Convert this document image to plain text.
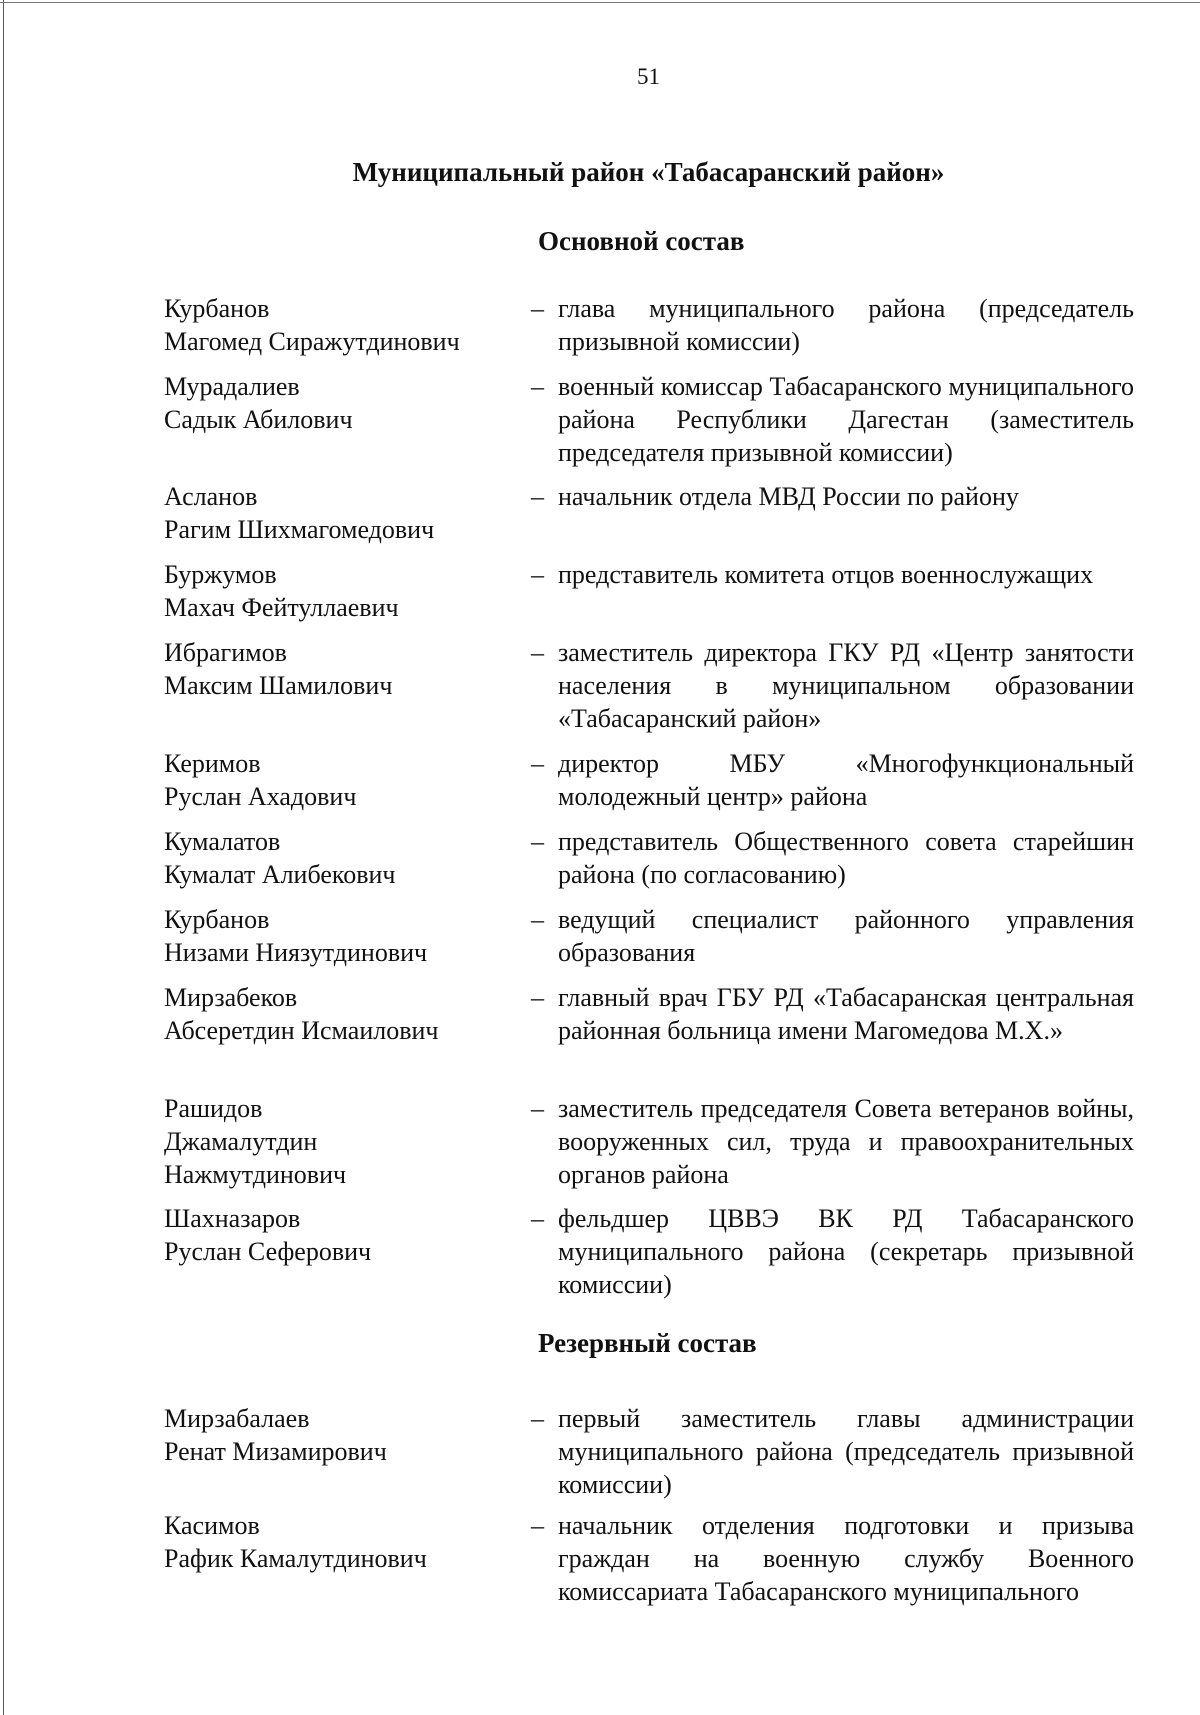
51
Муниципальный район «Табасаранский район»
Основной состав
Курбанов
Магомед Сиражутдинович
– глава муниципального района (председатель призывной комиссии)
Мурадалиев
Садык Абилович
– военный комиссар Табасаранского муниципального района Республики Дагестан (заместитель председателя призывной комиссии)
Асланов
Рагим Шихмагомедович
– начальник отдела МВД России по району
Буржумов
Махач Фейтуллаевич
– представитель комитета отцов военнослужащих
Ибрагимов
Максим Шамилович
– заместитель директора ГКУ РД «Центр занятости населения в муниципальном образовании «Табасаранский район»
Керимов
Руслан Ахадович
– директор МБУ «Многофункциональный молодежный центр» района
Кумалатов
Кумалат Алибекович
– представитель Общественного совета старейшин района (по согласованию)
Курбанов
Низами Ниязутдинович
– ведущий специалист районного управления образования
Мирзабеков
Абсеретдин Исмаилович
– главный врач ГБУ РД «Табасаранская центральная районная больница имени Магомедова М.Х.»
Рашидов
Джамалутдин
Нажмутдинович
– заместитель председателя Совета ветеранов войны, вооруженных сил, труда и правоохранительных органов района
Шахназаров
Руслан Сеферович
– фельдшер ЦВВЭ ВК РД Табасаранского муниципального района (секретарь призывной комиссии)
Резервный состав
Мирзабалаев
Ренат Мизамирович
– первый заместитель главы администрации муниципального района (председатель призывной комиссии)
Касимов
Рафик Камалутдинович
– начальник отделения подготовки и призыва граждан на военную службу Военного комиссариата Табасаранского муниципального
